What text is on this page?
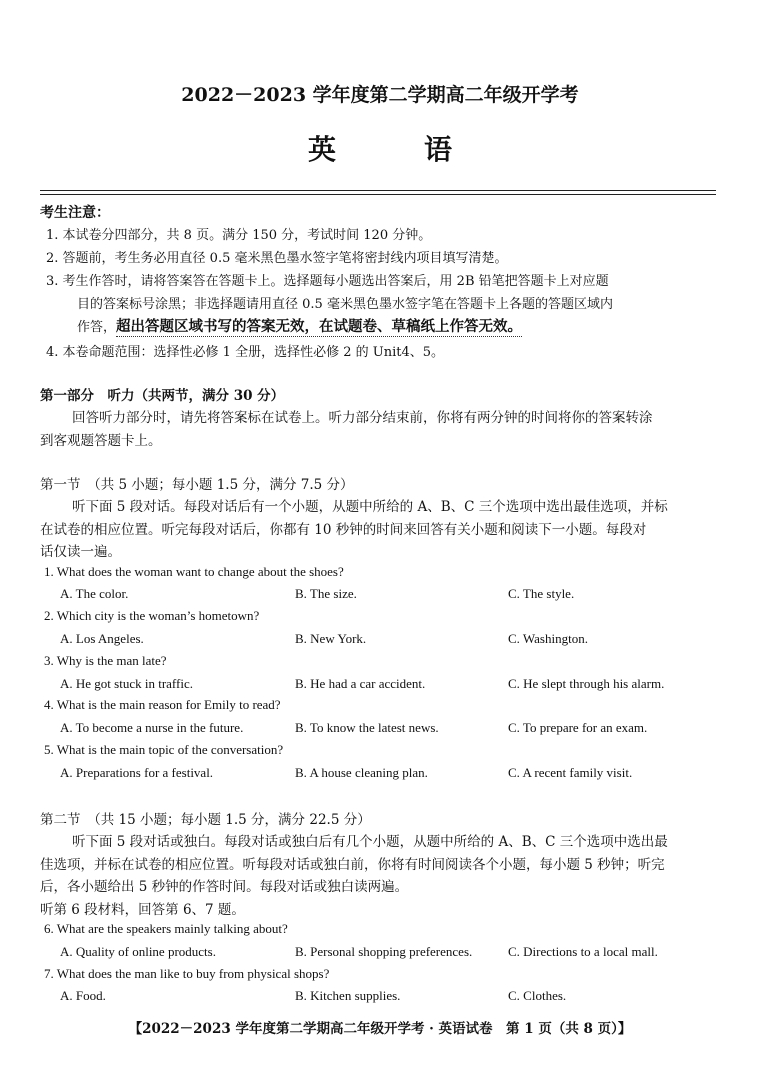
2022－2023 学年度第二学期高二年级开学考
英　语
考生注意：
1. 本试卷分四部分，共 8 页。满分 150 分，考试时间 120 分钟。
2. 答题前，考生务必用直径 0.5 毫米黑色墨水签字笔将密封线内项目填写清楚。
3. 考生作答时，请将答案答在答题卡上。选择题每小题选出答案后，用 2B 铅笔把答题卡上对应题
目的答案标号涂黑；非选择题请用直径 0.5 毫米黑色墨水签字笔在答题卡上各题的答题区域内
作答，超出答题区域书写的答案无效，在试题卷、草稿纸上作答无效。
4. 本卷命题范围：选择性必修 1 全册，选择性必修 2 的 Unit4、5。
第一部分　听力（共两节，满分 30 分）
回答听力部分时，请先将答案标在试卷上。听力部分结束前，你将有两分钟的时间将你的答案转涂
到客观题答题卡上。
第一节　（共 5 小题；每小题 1.5 分，满分 7.5 分）
听下面 5 段对话。每段对话后有一个小题，从题中所给的 A、B、C 三个选项中选出最佳选项，并标
在试卷的相应位置。听完每段对话后，你都有 10 秒钟的时间来回答有关小题和阅读下一小题。每段对
话仅读一遍。
1. What does the woman want to change about the shoes?
A. The color.	B. The size.	C. The style.
2. Which city is the woman’s hometown?
A. Los Angeles.	B. New York.	C. Washington.
3. Why is the man late?
A. He got stuck in traffic.	B. He had a car accident.	C. He slept through his alarm.
4. What is the main reason for Emily to read?
A. To become a nurse in the future.	B. To know the latest news.	C. To prepare for an exam.
5. What is the main topic of the conversation?
A. Preparations for a festival.	B. A house cleaning plan.	C. A recent family visit.
第二节　（共 15 小题；每小题 1.5 分，满分 22.5 分）
听下面 5 段对话或独白。每段对话或独白后有几个小题，从题中所给的 A、B、C 三个选项中选出最
佳选项，并标在试卷的相应位置。听每段对话或独白前，你将有时间阅读各个小题，每小题 5 秒钟；听完
后，各小题给出 5 秒钟的作答时间。每段对话或独白读两遍。
听第 6 段材料，回答第 6、7 题。
6. What are the speakers mainly talking about?
A. Quality of online products.	B. Personal shopping preferences.	C. Directions to a local mall.
7. What does the man like to buy from physical shops?
A. Food.	B. Kitchen supplies.	C. Clothes.
【2022－2023 学年度第二学期高二年级开学考 · 英语试卷　第 1 页（共 8 页）】
